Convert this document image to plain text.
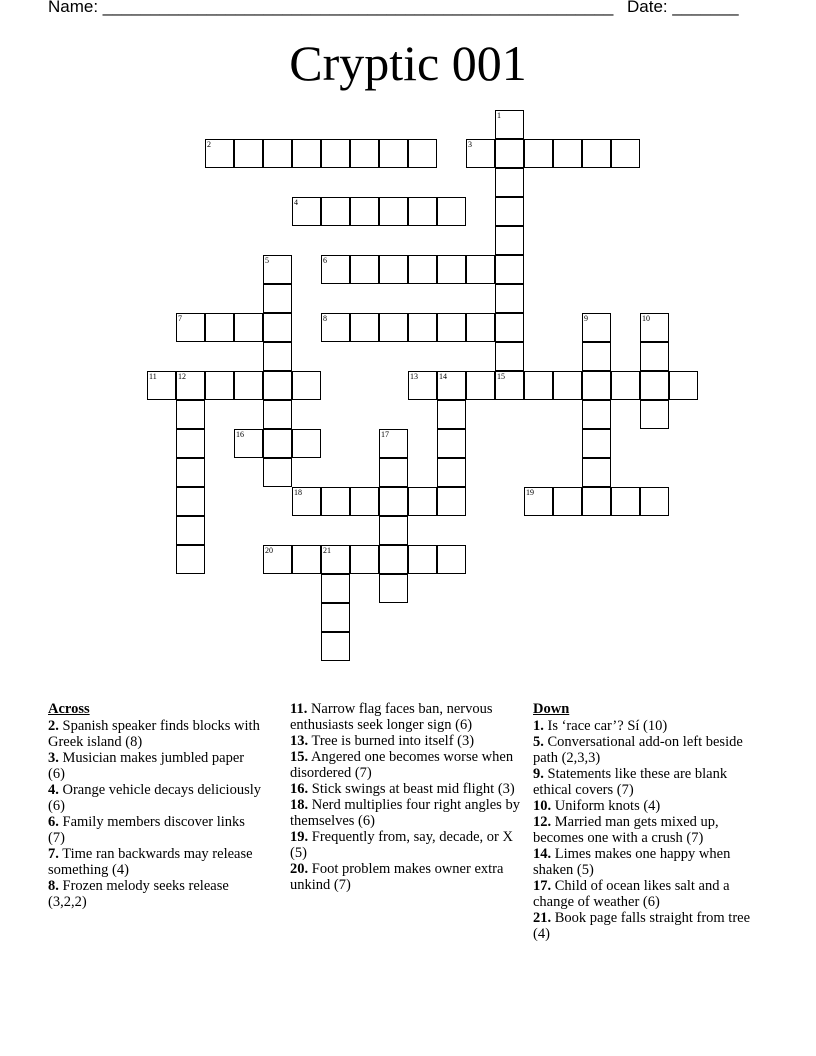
Name: ______________________________________________________ Date: _______
Cryptic 001
1
15
2	3
4
5	6
7	8	9	10
11	12	13	14
16	17
18	19
20	21
Across
2. Spanish speaker finds blocks with Greek island (8)
3. Musician makes jumbled paper (6)
4. Orange vehicle decays deliciously (6)
6. Family members discover links (7)
7. Time ran backwards may release something (4)
8. Frozen melody seeks release (3,2,2)
11. Narrow flag faces ban, nervous enthusiasts seek longer sign (6)
13. Tree is burned into itself (3)
15. Angered one becomes worse when disordered (7)
16. Stick swings at beast mid flight (3)
18. Nerd multiplies four right angles by themselves (6)
19. Frequently from, say, decade, or X (5)
20. Foot problem makes owner extra unkind (7)
Down
1. Is ‘race car’? Sí (10)
5. Conversational add-on left beside path (2,3,3)
9. Statements like these are blank ethical covers (7)
10. Uniform knots (4)
12. Married man gets mixed up, becomes one with a crush (7)
14. Limes makes one happy when shaken (5)
17. Child of ocean likes salt and a change of weather (6)
21. Book page falls straight from tree (4)
